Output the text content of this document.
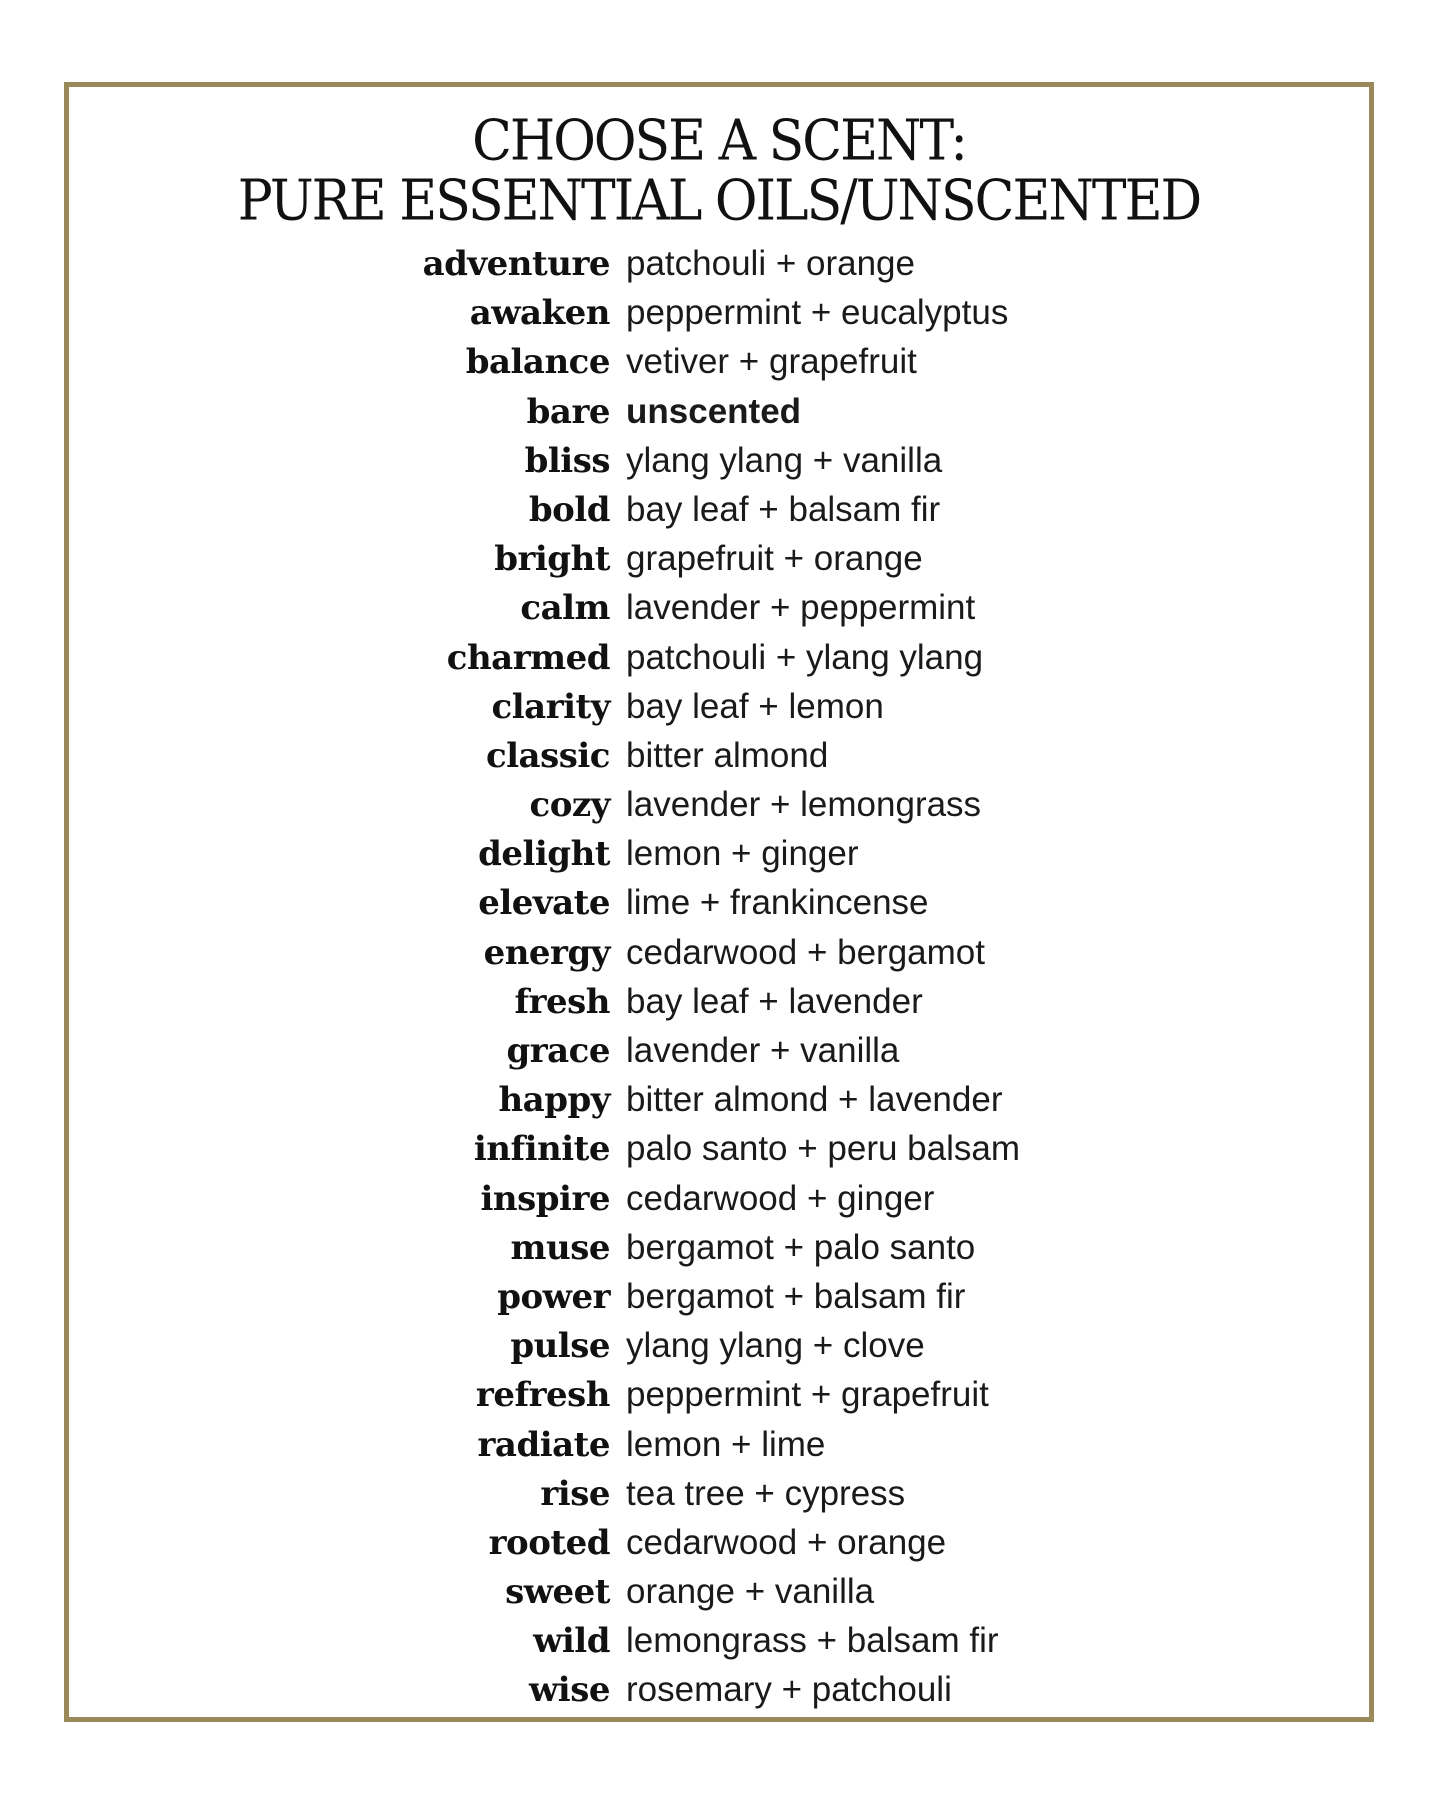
CHOOSE A SCENT:
PURE ESSENTIAL OILS/UNSCENTED
adventure patchouli + orange
awaken peppermint + eucalyptus
balance vetiver + grapefruit
bare unscented
bliss ylang ylang + vanilla
bold bay leaf + balsam fir
bright grapefruit + orange
calm lavender + peppermint
charmed patchouli + ylang ylang
clarity bay leaf + lemon
classic bitter almond
cozy lavender + lemongrass
delight lemon + ginger
elevate lime + frankincense
energy cedarwood + bergamot
fresh bay leaf + lavender
grace lavender + vanilla
happy bitter almond + lavender
infinite palo santo + peru balsam
inspire cedarwood + ginger
muse bergamot + palo santo
power bergamot + balsam fir
pulse ylang ylang + clove
refresh peppermint + grapefruit
radiate lemon + lime
rise tea tree + cypress
rooted cedarwood + orange
sweet orange + vanilla
wild lemongrass + balsam fir
wise rosemary + patchouli
